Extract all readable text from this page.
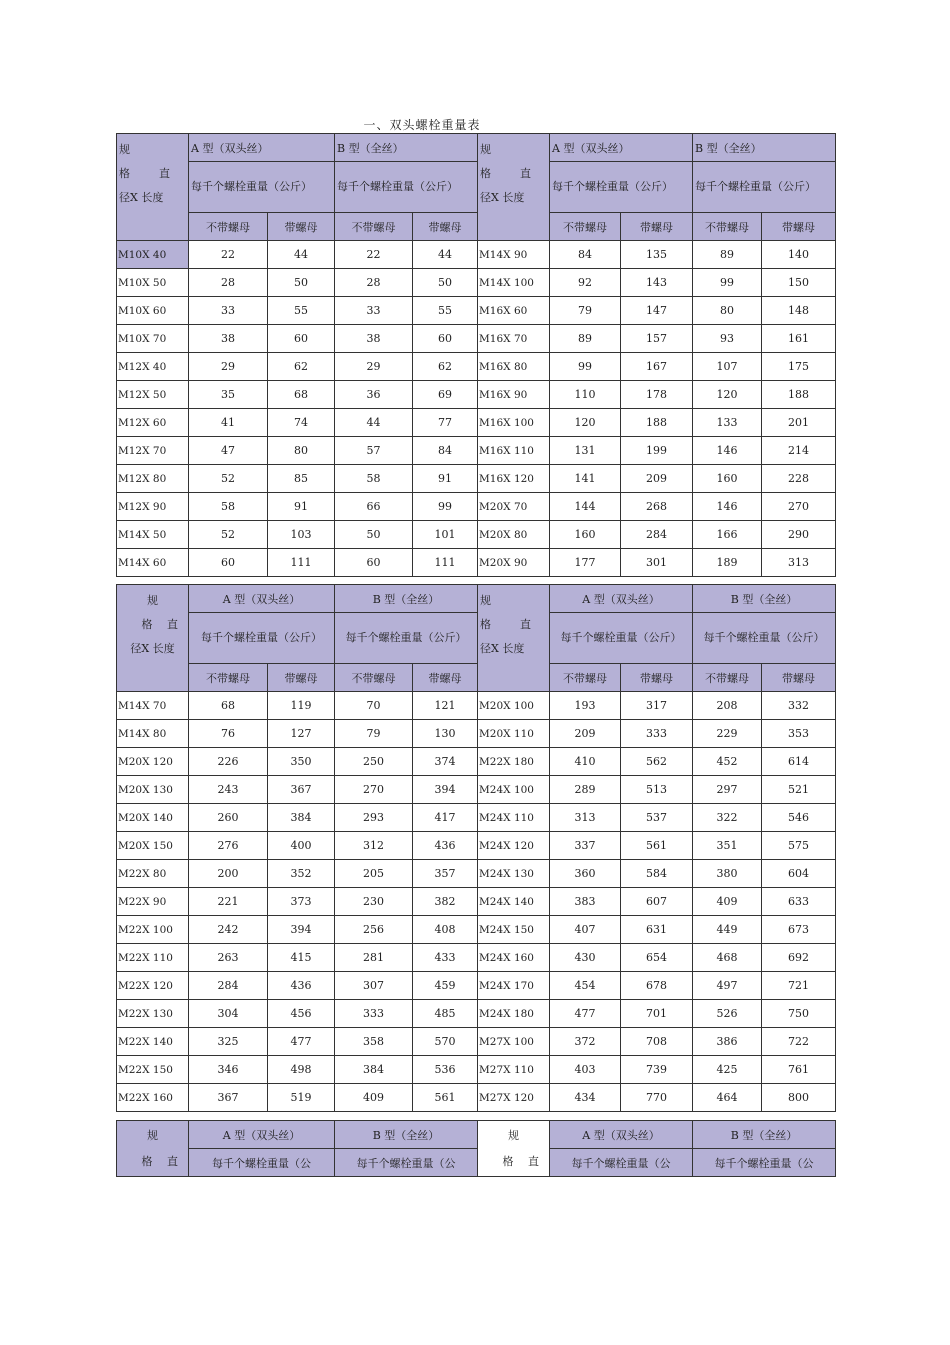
一、双头螺栓重量表
规
格 直
径X 长度	A 型（双头丝）		B 型（全丝）		规
格 直
径X 长度	A 型（双头丝）		B 型（全丝）	
	每千个螺栓重量（公斤）		每千个螺栓重量（公斤）			每千个螺栓重量（公斤）		每千个螺栓重量（公斤）	
	不带螺母	带螺母	不带螺母	带螺母		不带螺母	带螺母	不带螺母	带螺母
M10X 40	22	44	22	44	M14X 90	84	135	89	140
M10X 50	28	50	28	50	M14X 100	92	143	99	150
M10X 60	33	55	33	55	M16X 60	79	147	80	148
M10X 70	38	60	38	60	M16X 70	89	157	93	161
M12X 40	29	62	29	62	M16X 80	99	167	107	175
M12X 50	35	68	36	69	M16X 90	110	178	120	188
M12X 60	41	74	44	77	M16X 100	120	188	133	201
M12X 70	47	80	57	84	M16X 110	131	199	146	214
M12X 80	52	85	58	91	M16X 120	141	209	160	228
M12X 90	58	91	66	99	M20X 70	144	268	146	270
M14X 50	52	103	50	101	M20X 80	160	284	166	290
M14X 60	60	111	60	111	M20X 90	177	301	189	313
规
格 直
径X 长度	A 型（双头丝）		B 型（全丝）		规
格 直
径X 长度	A 型（双头丝）		B 型（全丝）	
	每千个螺栓重量（公斤）		每千个螺栓重量（公斤）			每千个螺栓重量（公斤）		每千个螺栓重量（公斤）	
	不带螺母	带螺母	不带螺母	带螺母		不带螺母	带螺母	不带螺母	带螺母
M14X 70	68	119	70	121	M20X 100	193	317	208	332
M14X 80	76	127	79	130	M20X 110	209	333	229	353
M20X 120	226	350	250	374	M22X 180	410	562	452	614
M20X 130	243	367	270	394	M24X 100	289	513	297	521
M20X 140	260	384	293	417	M24X 110	313	537	322	546
M20X 150	276	400	312	436	M24X 120	337	561	351	575
M22X 80	200	352	205	357	M24X 130	360	584	380	604
M22X 90	221	373	230	382	M24X 140	383	607	409	633
M22X 100	242	394	256	408	M24X 150	407	631	449	673
M22X 110	263	415	281	433	M24X 160	430	654	468	692
M22X 120	284	436	307	459	M24X 170	454	678	497	721
M22X 130	304	456	333	485	M24X 180	477	701	526	750
M22X 140	325	477	358	570	M27X 100	372	708	386	722
M22X 150	346	498	384	536	M27X 110	403	739	425	761
M22X 160	367	519	409	561	M27X 120	434	770	464	800
规
格 直	A 型（双头丝）	B 型（全丝）	规
格 直	A 型（双头丝）	B 型（全丝）
	每千个螺栓重量（公	每千个螺栓重量（公		每千个螺栓重量（公	每千个螺栓重量（公
